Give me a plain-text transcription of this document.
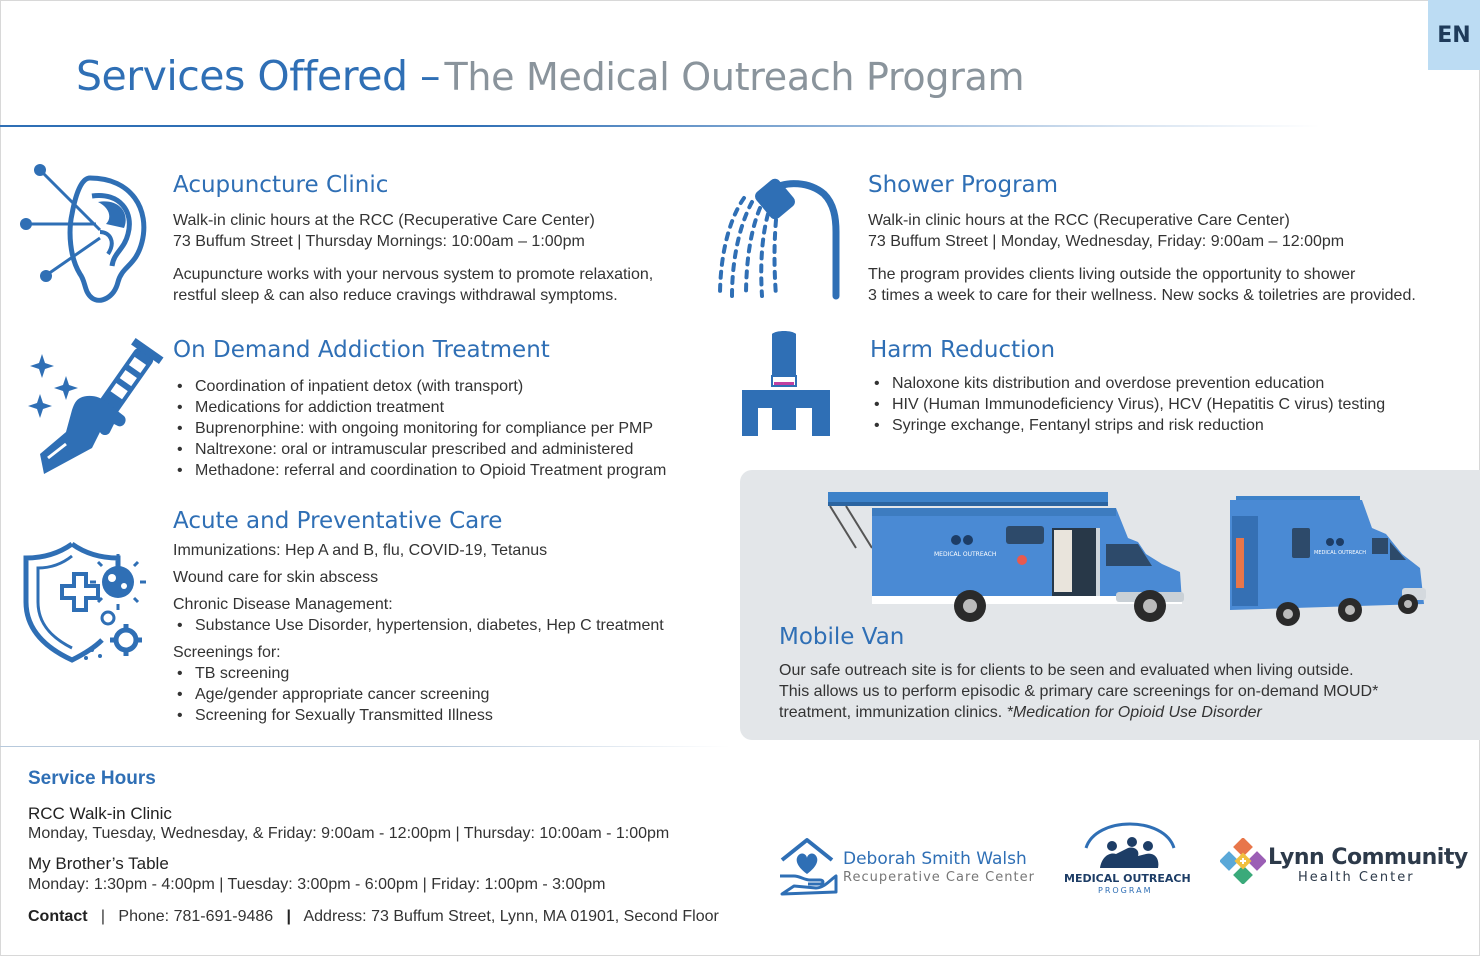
EN
Services Offered – The Medical Outreach Program
Acupuncture Clinic

Walk-in clinic hours at the RCC (Recuperative Care Center)

73 Buffum Street | Thursday Mornings: 10:00am – 1:00pm

Acupuncture works with your nervous system to promote relaxation,

restful sleep & can also reduce cravings withdrawal symptoms.

Shower Program

Walk-in clinic hours at the RCC (Recuperative Care Center)

73 Buffum Street | Monday, Wednesday, Friday: 9:00am – 12:00pm

The program provides clients living outside the opportunity to shower

3 times a week to care for their wellness. New socks & toiletries are provided.

On Demand Addiction Treatment
• Coordination of inpatient detox (with transport)
• Medications for addiction treatment
• Buprenorphine: with ongoing monitoring for compliance per PMP
• Naltrexone: oral or intramuscular prescribed and administered
• Methadone: referral and coordination to Opioid Treatment program
Harm Reduction
• Naloxone kits distribution and overdose prevention education
• HIV (Human Immunodeficiency Virus), HCV (Hepatitis C virus) testing
• Syringe exchange, Fentanyl strips and risk reduction
Acute and Preventative Care

Immunizations: Hep A and B, flu, COVID-19, Tetanus

Wound care for skin abscess

Chronic Disease Management:

• Substance Use Disorder, hypertension, diabetes, Hep C treatment

Screenings for:

• TB screening
• Age/gender appropriate cancer screening
• Screening for Sexually Transmitted Illness
MEDICAL OUTREACH	MEDICAL OUTREACH
Mobile Van

Our safe outreach site is for clients to be seen and evaluated when living outside.

This allows us to perform episodic & primary care screenings for on-demand MOUD*

treatment, immunization clinics. *Medication for Opioid Use Disorder

Service Hours
RCC Walk-in Clinic
Monday, Tuesday, Wednesday, & Friday: 9:00am - 12:00pm | Thursday: 10:00am - 1:00pm
My Brother’s Table
Monday: 1:30pm - 4:00pm | Tuesday: 3:00pm - 6:00pm | Friday: 1:00pm - 3:00pm
Contact   |   Phone: 781-691-9486 | Address: 73 Buffum Street, Lynn, MA 01901, Second Floor
Deborah Smith Walsh
Recuperative Care Center	MEDICAL OUTREACH
PROGRAM
Lynn Community
Health Center
